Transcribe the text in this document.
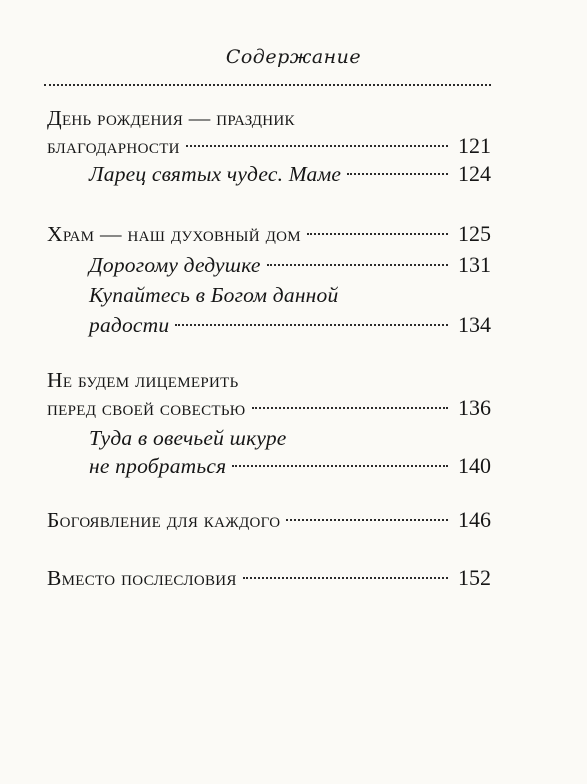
Содержание
День рождения — праздник
благодарности	121
Ларец святых чудес. Маме	124
Храм — наш духовный дом	125
Дорогому дедушке	131
Купайтесь в Богом данной
радости	134
Не будем лицемерить
перед своей совестью	136
Туда в овечьей шкуре
не пробраться	140
Богоявление для каждого	146
Вместо послесловия	152
